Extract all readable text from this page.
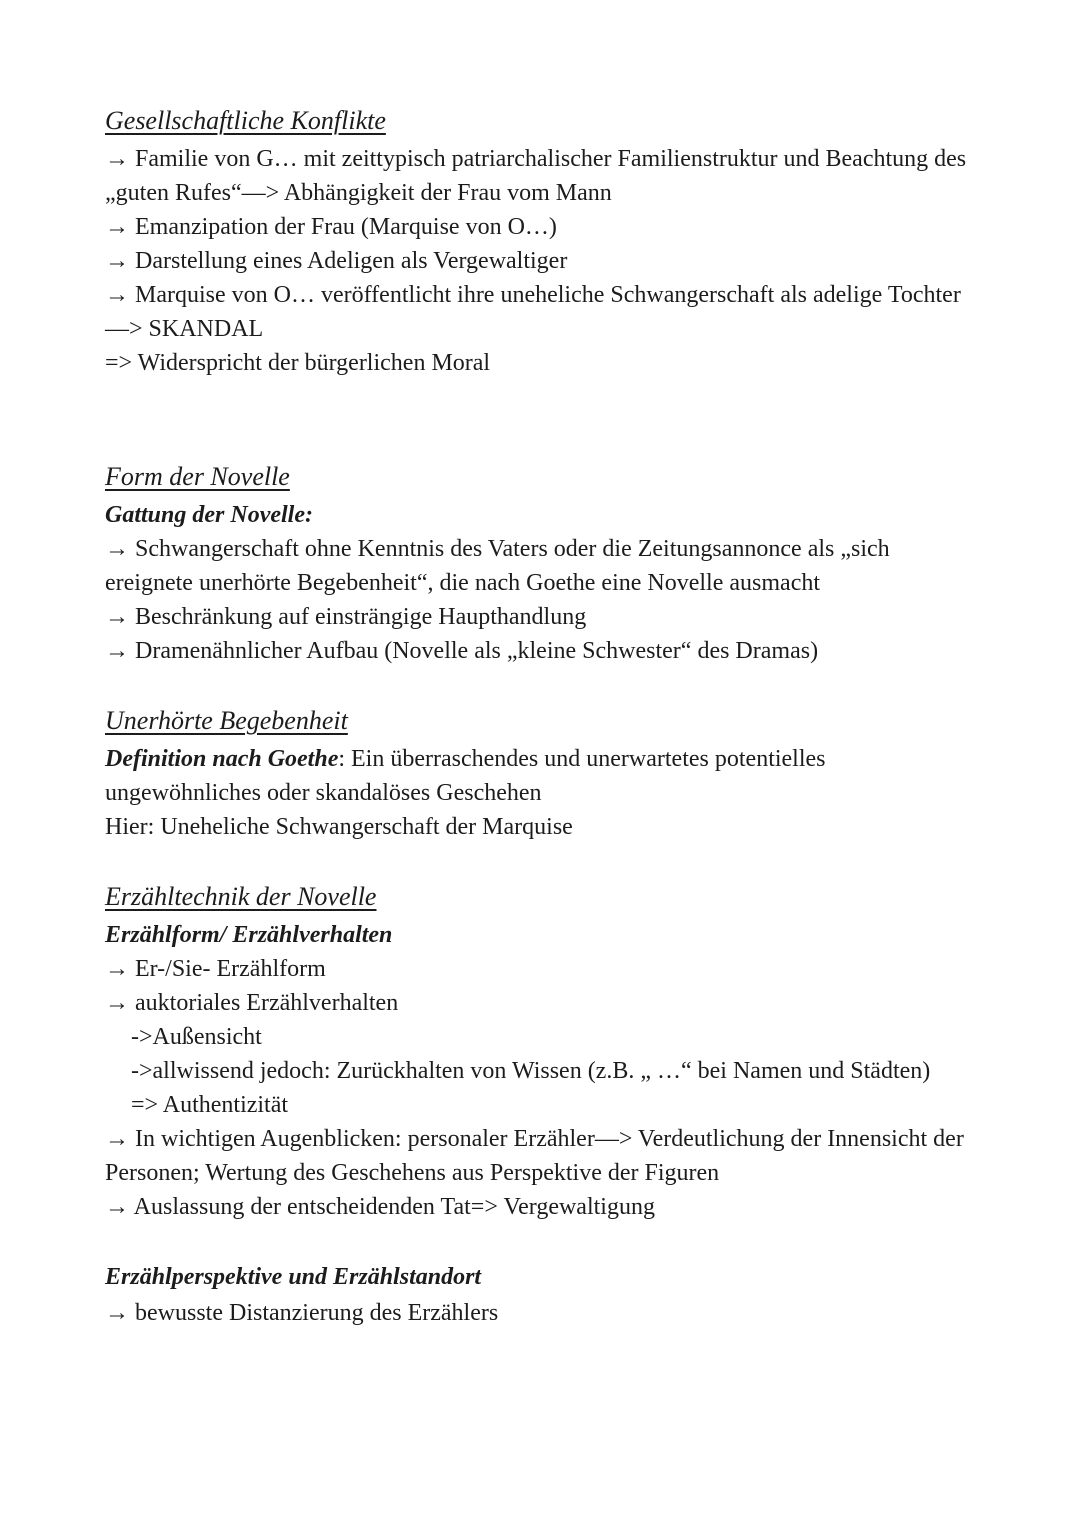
Gesellschaftliche Konflikte

→ Familie von G… mit zeittypisch patriarchalischer Familienstruktur und Beachtung des „guten Rufes“—> Abhängigkeit der Frau vom Mann

→ Emanzipation der Frau (Marquise von O…)

→ Darstellung eines Adeligen als Vergewaltiger

→ Marquise von O… veröffentlicht ihre uneheliche Schwangerschaft als adelige Tochter—> SKANDAL

=> Widerspricht der bürgerlichen Moral

Form der Novelle

Gattung der Novelle:

→ Schwangerschaft ohne Kenntnis des Vaters oder die Zeitungsannonce als „sich ereignete unerhörte Begebenheit“, die nach Goethe eine Novelle ausmacht

→ Beschränkung auf einsträngige Haupthandlung

→ Dramenähnlicher Aufbau (Novelle als „kleine Schwester“ des Dramas)

Unerhörte Begebenheit

Definition nach Goethe: Ein überraschendes und unerwartetes potentielles ungewöhnliches oder skandalöses Geschehen

Hier: Uneheliche Schwangerschaft der Marquise

Erzähltechnik der Novelle

Erzählform/ Erzählverhalten

→ Er-/Sie- Erzählform

→ auktoriales Erzählverhalten

->Außensicht

->allwissend jedoch: Zurückhalten von Wissen (z.B. „ …“ bei Namen und Städten)

=> Authentizität

→ In wichtigen Augenblicken: personaler Erzähler—> Verdeutlichung der Innensicht der Personen; Wertung des Geschehens aus Perspektive der Figuren

→ Auslassung der entscheidenden Tat=> Vergewaltigung

Erzählperspektive und Erzählstandort

→ bewusste Distanzierung des Erzählers
